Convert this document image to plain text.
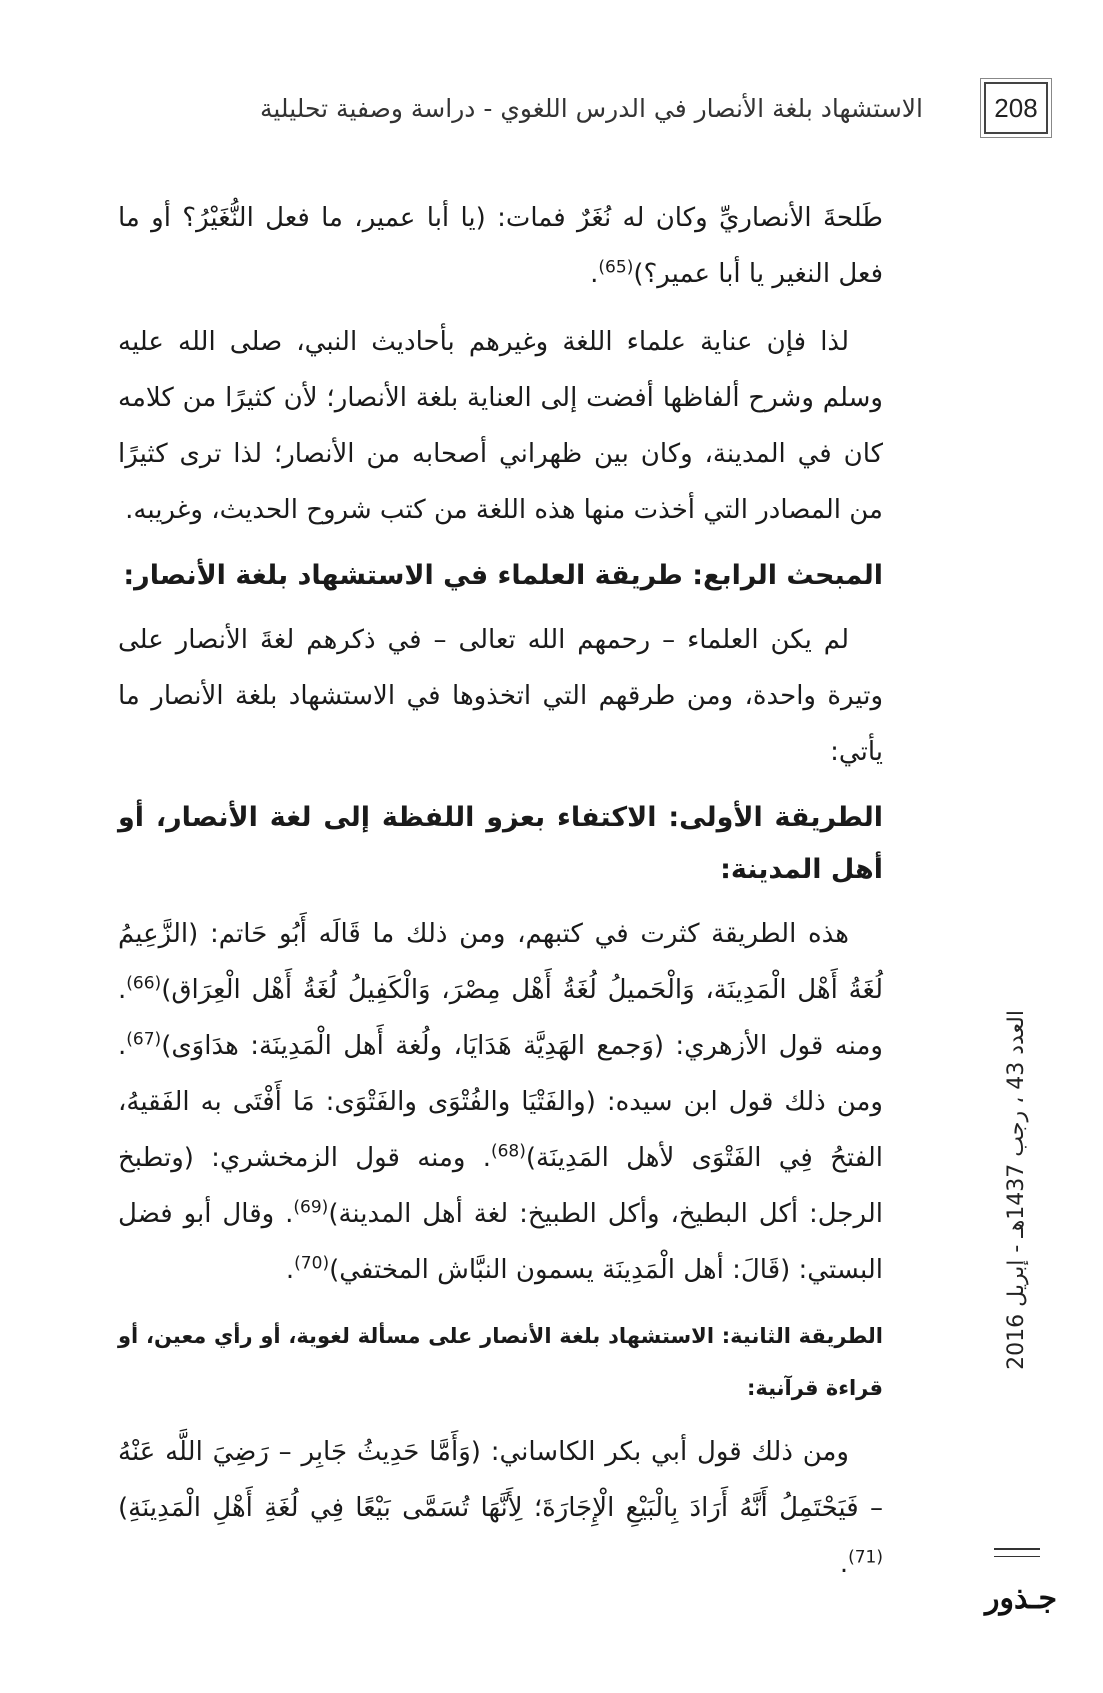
الاستشهاد بلغة الأنصار في الدرس اللغوي - دراسة وصفية تحليلية	208

طَلحةَ الأنصاريِّ وكان له نُغَرٌ فمات: (يا أبا عمير، ما فعل النُّغَيْرُ؟ أو ما فعل النغير يا أبا عمير؟)$^{(65)}$.

لذا فإن عناية علماء اللغة وغيرهم بأحاديث النبي، صلى الله عليه وسلم وشرح ألفاظها أفضت إلى العناية بلغة الأنصار؛ لأن كثيرًا من كلامه كان في المدينة، وكان بين ظهراني أصحابه من الأنصار؛ لذا ترى كثيرًا من المصادر التي أخذت منها هذه اللغة من كتب شروح الحديث، وغريبه.

المبحث الرابع: طريقة العلماء في الاستشهاد بلغة الأنصار:

لم يكن العلماء – رحمهم الله تعالى – في ذكرهم لغةَ الأنصار على وتيرة واحدة، ومن طرقهم التي اتخذوها في الاستشهاد بلغة الأنصار ما يأتي:

الطريقة الأولى: الاكتفاء بعزو اللفظة إلى لغة الأنصار، أو أهل المدينة:

هذه الطريقة كثرت في كتبهم، ومن ذلك ما قَالَه أَبُو حَاتم: (الزَّعِيمُ لُغَةُ أَهْل الْمَدِينَة، وَالْحَميلُ لُغَةُ أَهْل مِصْرَ، وَالْكَفِيلُ لُغَةُ أَهْل الْعِرَاق)$^{(66)}$. ومنه قول الأزهري: (وَجمع الهَدِيَّة هَدَايَا، ولُغة أَهل الْمَدِينَة: هدَاوَى)$^{(67)}$. ومن ذلك قول ابن سيده: (والفَتْيَا والفُتْوَى والفَتْوَى: مَا أَفْتَى به الفَقيهُ، الفتحُ فِي الفَتْوَى لأهل المَدِينَة)$^{(68)}$. ومنه قول الزمخشري: (وتطبخ الرجل: أكل البطيخ، وأكل الطبيخ: لغة أهل المدينة)$^{(69)}$. وقال أبو فضل البستي: (قَالَ: أهل الْمَدِينَة يسمون النبَّاش المختفي)$^{(70)}$.

الطريقة الثانية: الاستشهاد بلغة الأنصار على مسألة لغوية، أو رأي معين، أو قراءة قرآنية:

ومن ذلك قول أبي بكر الكاساني: (وَأَمَّا حَدِيثُ جَابِر – رَضِيَ اللَّه عَنْهُ – فَيَحْتَمِلُ أَنَّهُ أَرَادَ بِالْبَيْعِ الْإِجَارَةَ؛ لِأَنَّهَا تُسَمَّى بَيْعًا فِي لُغَةِ أَهْلِ الْمَدِينَةِ)$^{(71)}$.

العدد 43 ، رجب 1437هـ - إبريل 2016
جـذور
